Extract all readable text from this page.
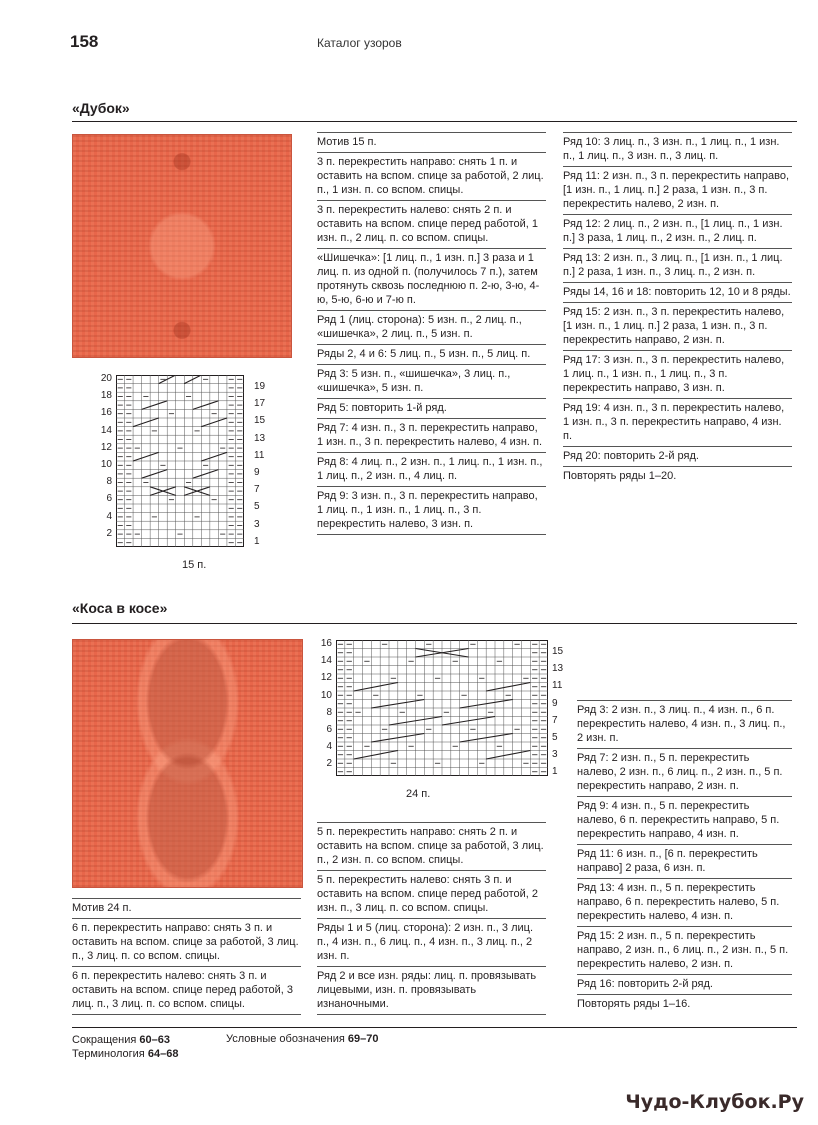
158	Каталог узоров
«Дубок»
20
18
16
14
12
10
8
6
4
2
19
17
15
13
11
9
7
5
3
1
15 п.
Мотив 15 п.
3 п. перекрестить направо: снять 1 п. и оставить на вспом. спице за работой, 2 лиц. п., 1 изн. п. со вспом. спицы.
3 п. перекрестить налево: снять 2 п. и оставить на вспом. спице перед работой, 1 изн. п., 2 лиц. п. со вспом. спицы.
«Шишечка»: [1 лиц. п., 1 изн. п.] 3 раза и 1 лиц. п. из одной п. (получилось 7 п.), затем протянуть сквозь последнюю п. 2-ю, 3-ю, 4-ю, 5-ю, 6-ю и 7-ю п.
Ряд 1 (лиц. сторона): 5 изн. п., 2 лиц. п., «шишечка», 2 лиц. п., 5 изн. п.
Ряды 2, 4 и 6: 5 лиц. п., 5 изн. п., 5 лиц. п.
Ряд 3: 5 изн. п., «шишечка», 3 лиц. п., «шишечка», 5 изн. п.
Ряд 5: повторить 1-й ряд.
Ряд 7: 4 изн. п., 3 п. перекрестить направо, 1 изн. п., 3 п. перекрестить налево, 4 изн. п.
Ряд 8: 4 лиц. п., 2 изн. п., 1 лиц. п., 1 изн. п., 1 лиц. п., 2 изн. п., 4 лиц. п.
Ряд 9: 3 изн. п., 3 п. перекрестить направо, 1 лиц. п., 1 изн. п., 1 лиц. п., 3 п. перекрестить налево, 3 изн. п.
Ряд 10: 3 лиц. п., 3 изн. п., 1 лиц. п., 1 изн. п., 1 лиц. п., 3 изн. п., 3 лиц. п.
Ряд 11: 2 изн. п., 3 п. перекрестить направо, [1 изн. п., 1 лиц. п.] 2 раза, 1 изн. п., 3 п. перекрестить налево, 2 изн. п.
Ряд 12: 2 лиц. п., 2 изн. п., [1 лиц. п., 1 изн. п.] 3 раза, 1 лиц. п., 2 изн. п., 2 лиц. п.
Ряд 13: 2 изн. п., 3 лиц. п., [1 изн. п., 1 лиц. п.] 2 раза, 1 изн. п., 3 лиц. п., 2 изн. п.
Ряды 14, 16 и 18: повторить 12, 10 и 8 ряды.
Ряд 15: 2 изн. п., 3 п. перекрестить налево, [1 изн. п., 1 лиц. п.] 2 раза, 1 изн. п., 3 п. перекрестить направо, 2 изн. п.
Ряд 17: 3 изн. п., 3 п. перекрестить налево, 1 лиц. п., 1 изн. п., 1 лиц. п., 3 п. перекрестить направо, 3 изн. п.
Ряд 19: 4 изн. п., 3 п. перекрестить налево, 1 изн. п., 3 п. перекрестить направо, 4 изн. п.
Ряд 20: повторить 2-й ряд.
Повторять ряды 1–20.
«Коса в косе»
16
14
12
10
8
6
4
2
15
13
11
9
7
5
3
1
24 п.
Мотив 24 п.
6 п. перекрестить направо: снять 3 п. и оставить на вспом. спице за работой, 3 лиц. п., 3 лиц. п. со вспом. спицы.
6 п. перекрестить налево: снять 3 п. и оставить на вспом. спице перед работой, 3 лиц. п., 3 лиц. п. со вспом. спицы.
5 п. перекрестить направо: снять 2 п. и оставить на вспом. спице за работой, 3 лиц. п., 2 изн. п. со вспом. спицы.
5 п. перекрестить налево: снять 3 п. и оставить на вспом. спице перед работой, 2 изн. п., 3 лиц. п. со вспом. спицы.
Ряды 1 и 5 (лиц. сторона): 2 изн. п., 3 лиц. п., 4 изн. п., 6 лиц. п., 4 изн. п., 3 лиц. п., 2 изн. п.
Ряд 2 и все изн. ряды: лиц. п. провязывать лицевыми, изн. п. провязывать изнаночными.
Ряд 3: 2 изн. п., 3 лиц. п., 4 изн. п., 6 п. перекрестить налево, 4 изн. п., 3 лиц. п., 2 изн. п.
Ряд 7: 2 изн. п., 5 п. перекрестить налево, 2 изн. п., 6 лиц. п., 2 изн. п., 5 п. перекрестить направо, 2 изн. п.
Ряд 9: 4 изн. п., 5 п. перекрестить налево, 6 п. перекрестить направо, 5 п. перекрестить направо, 4 изн. п.
Ряд 11: 6 изн. п., [6 п. перекрестить направо] 2 раза, 6 изн. п.
Ряд 13: 4 изн. п., 5 п. перекрестить направо, 6 п. перекрестить налево, 5 п. перекрестить налево, 4 изн. п.
Ряд 15: 2 изн. п., 5 п. перекрестить направо, 2 изн. п., 6 лиц. п., 2 изн. п., 5 п. перекрестить налево, 2 изн. п.
Ряд 16: повторить 2-й ряд.
Повторять ряды 1–16.
Сокращения 60–63
Терминология 64–68
Условные обозначения 69–70
Чудо-Клубок.Ру
